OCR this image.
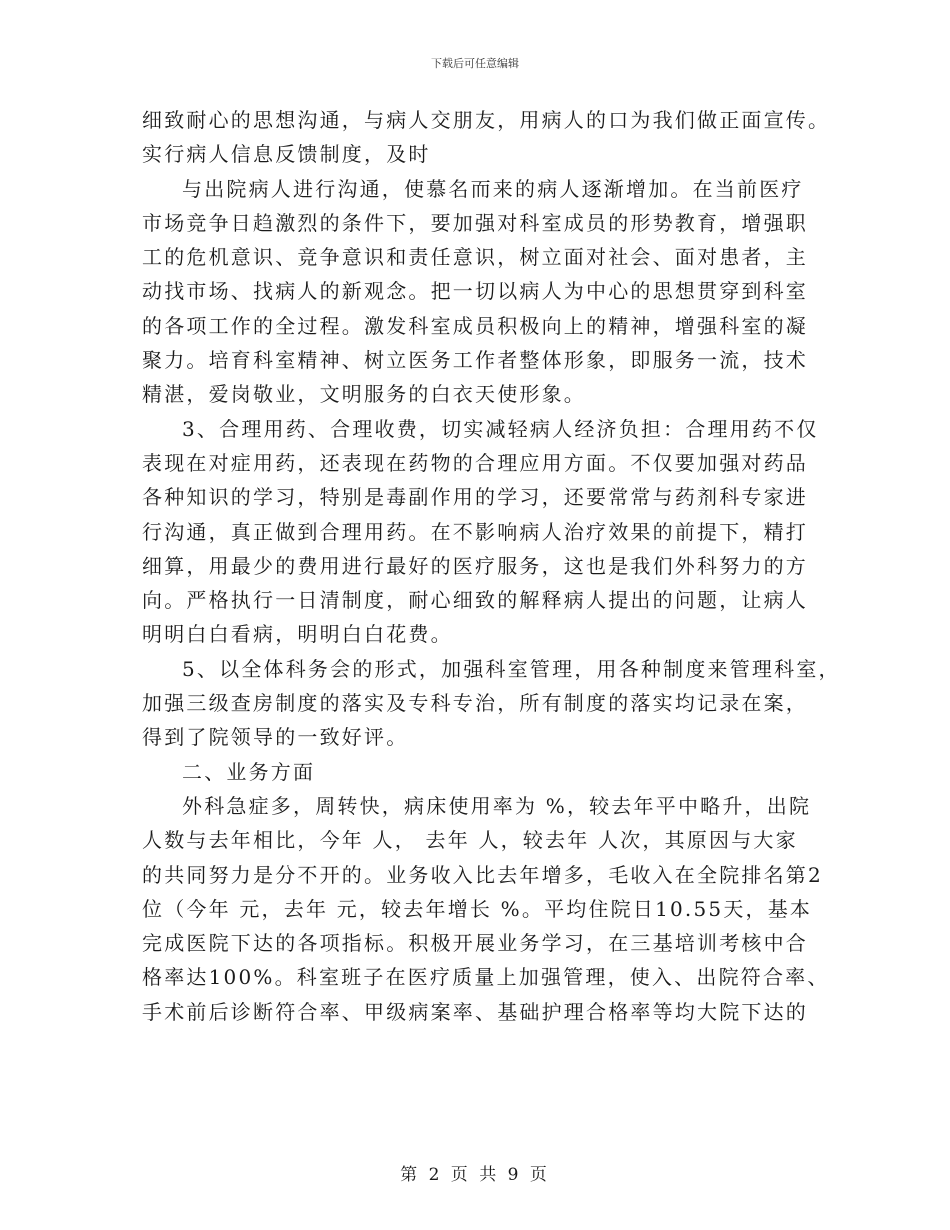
下载后可任意编辑
细致耐心的思想沟通，与病人交朋友，用病人的口为我们做正面宣传。
实行病人信息反馈制度，及时
与出院病人进行沟通，使慕名而来的病人逐渐增加。在当前医疗
市场竞争日趋激烈的条件下，要加强对科室成员的形势教育，增强职
工的危机意识、竞争意识和责任意识，树立面对社会、面对患者，主
动找市场、找病人的新观念。把一切以病人为中心的思想贯穿到科室
的各项工作的全过程。激发科室成员积极向上的精神，增强科室的凝
聚力。培育科室精神、树立医务工作者整体形象，即服务一流，技术
精湛，爱岗敬业，文明服务的白衣天使形象。
3、合理用药、合理收费，切实减轻病人经济负担：合理用药不仅
表现在对症用药，还表现在药物的合理应用方面。不仅要加强对药品
各种知识的学习，特别是毒副作用的学习，还要常常与药剂科专家进
行沟通，真正做到合理用药。在不影响病人治疗效果的前提下，精打
细算，用最少的费用进行最好的医疗服务，这也是我们外科努力的方
向。严格执行一日清制度，耐心细致的解释病人提出的问题，让病人
明明白白看病，明明白白花费。
5、以全体科务会的形式，加强科室管理，用各种制度来管理科室，
加强三级查房制度的落实及专科专治，所有制度的落实均记录在案，
得到了院领导的一致好评。
二、业务方面
外科急症多，周转快，病床使用率为 %，较去年平中略升，出院
人数与去年相比，今年 人， 去年 人，较去年 人次，其原因与大家
的共同努力是分不开的。业务收入比去年增多，毛收入在全院排名第2
位（今年 元，去年 元，较去年增长 %。平均住院日10.55天，基本
完成医院下达的各项指标。积极开展业务学习，在三基培训考核中合
格率达100%。科室班子在医疗质量上加强管理，使入、出院符合率、
手术前后诊断符合率、甲级病案率、基础护理合格率等均大院下达的
第 2 页 共 9 页
